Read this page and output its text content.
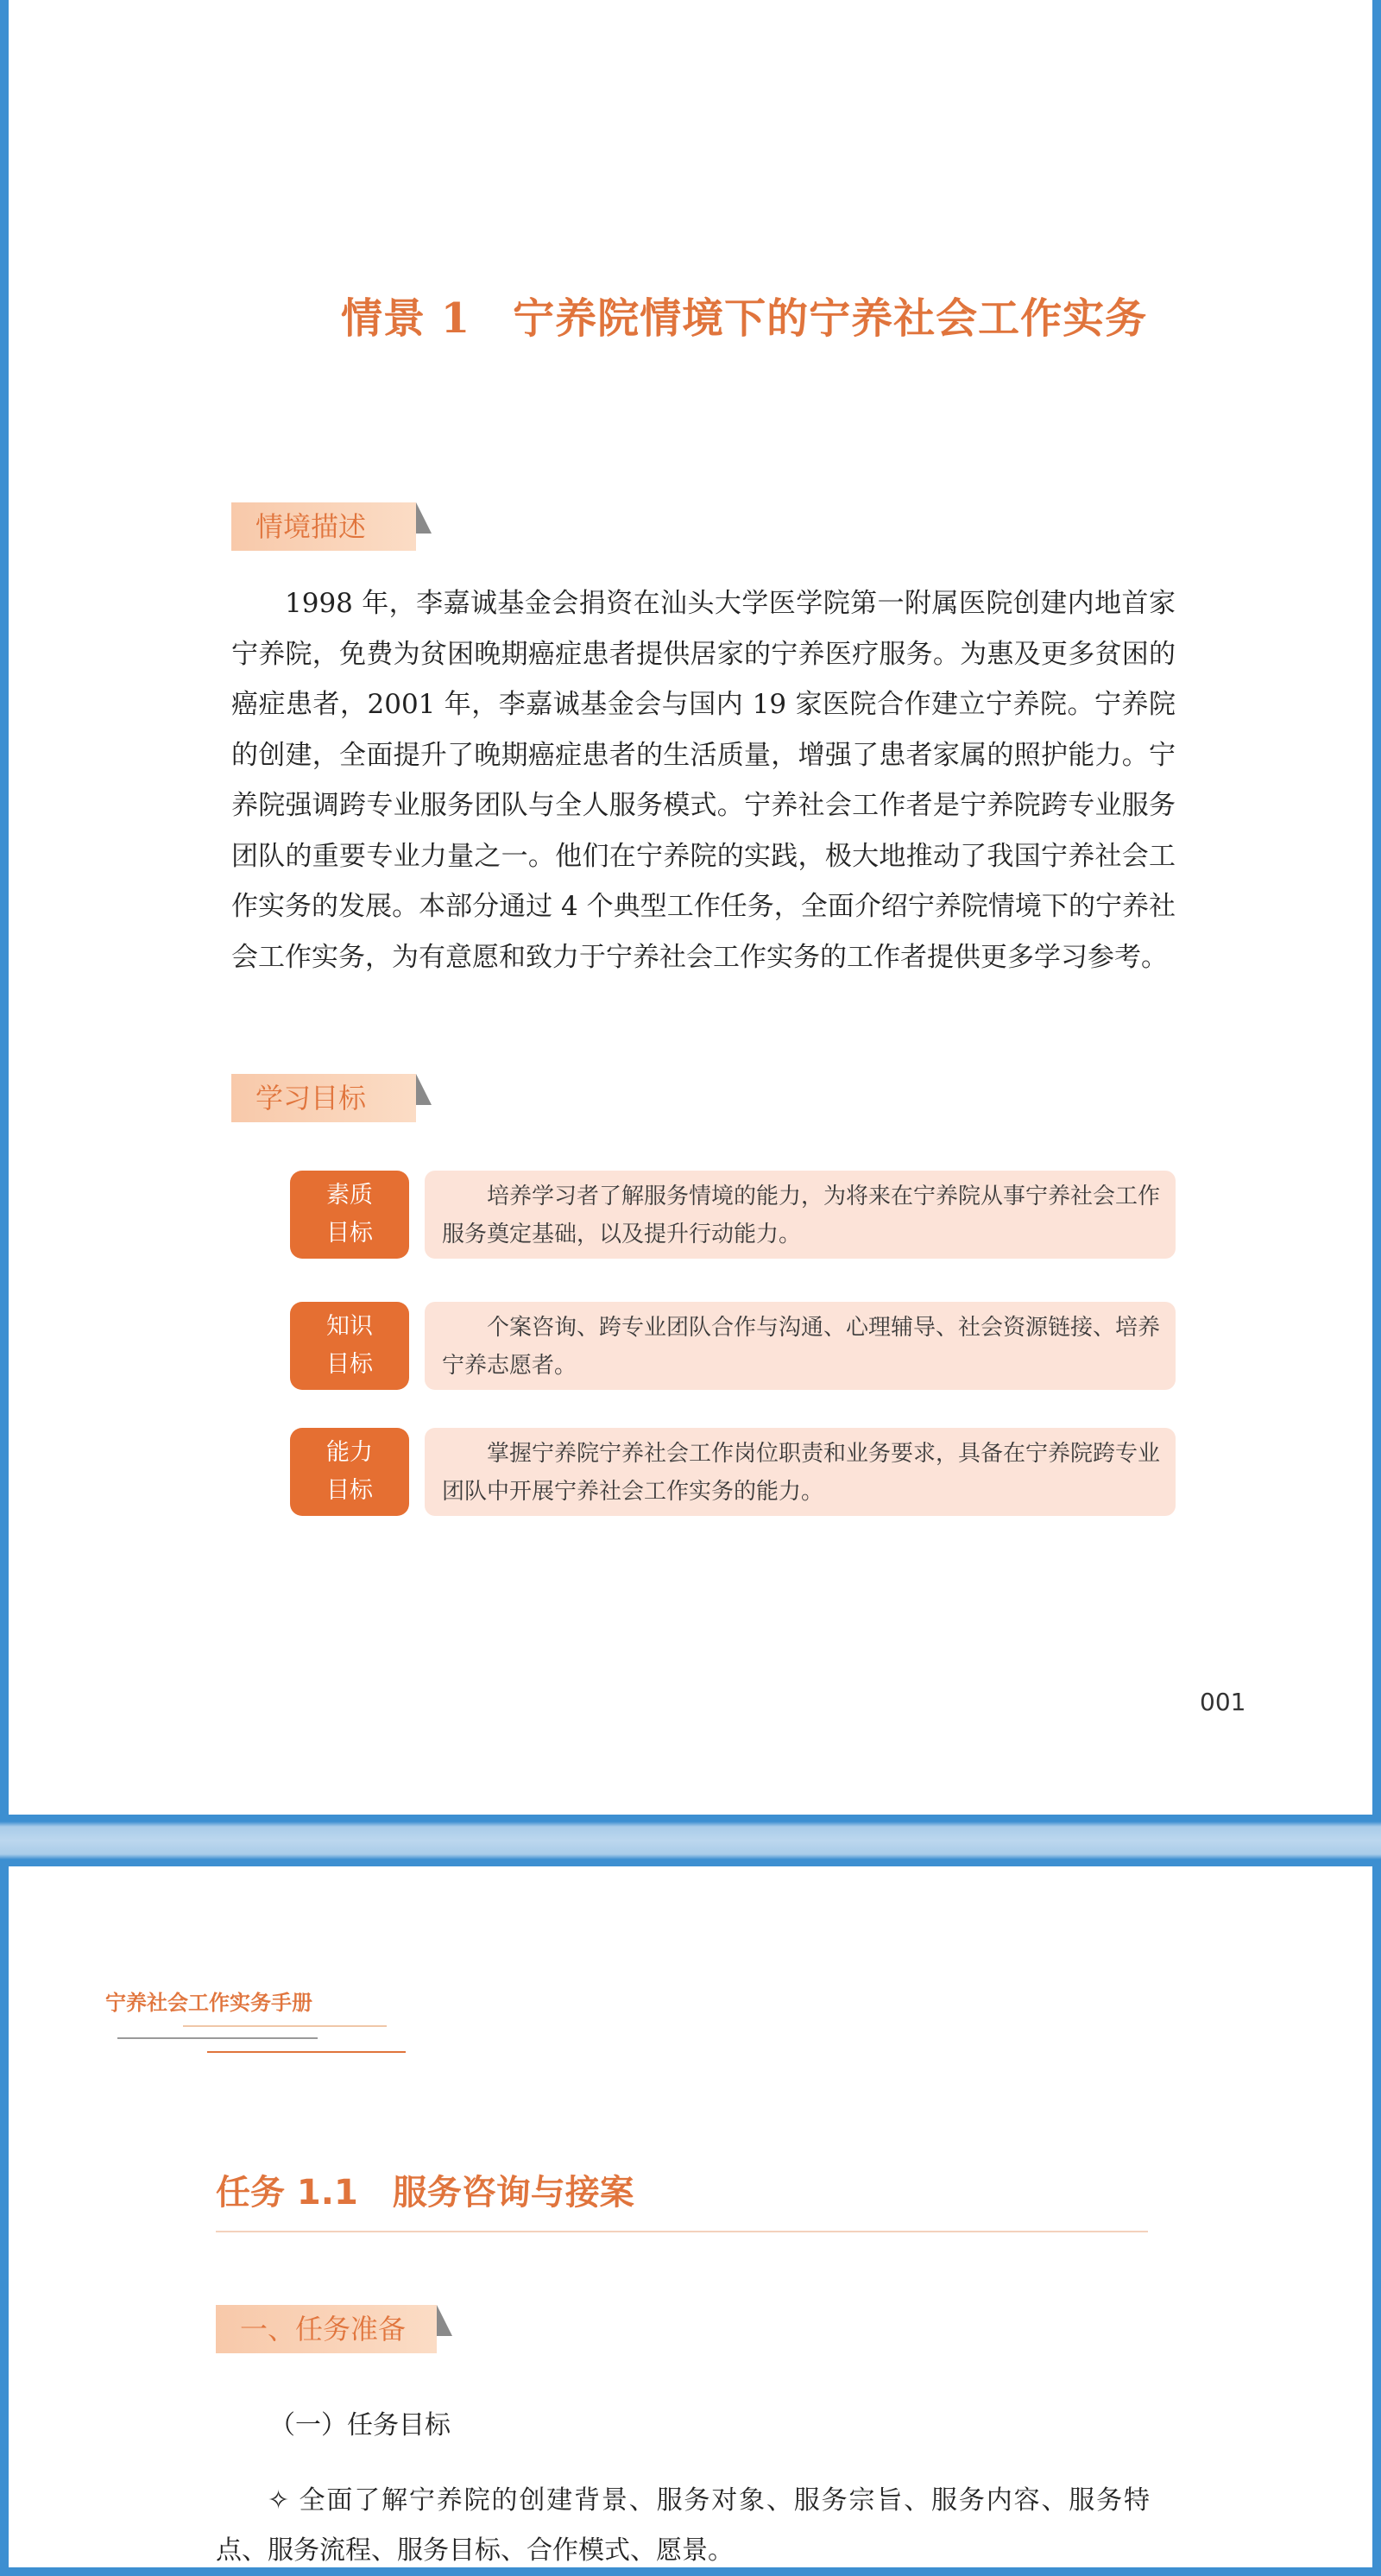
情景 1　宁养院情境下的宁养社会工作实务
情境描述

1998 年，李嘉诚基金会捐资在汕头大学医学院第一附属医院创建内地首家宁养院，免费为贫困晚期癌症患者提供居家的宁养医疗服务。为惠及更多贫困的癌症患者，2001 年，李嘉诚基金会与国内 19 家医院合作建立宁养院。宁养院的创建，全面提升了晚期癌症患者的生活质量，增强了患者家属的照护能力。宁养院强调跨专业服务团队与全人服务模式。宁养社会工作者是宁养院跨专业服务团队的重要专业力量之一。他们在宁养院的实践，极大地推动了我国宁养社会工作实务的发展。本部分通过 4 个典型工作任务，全面介绍宁养院情境下的宁养社会工作实务，为有意愿和致力于宁养社会工作实务的工作者提供更多学习参考。

学习目标
素质
目标
培养学习者了解服务情境的能力，为将来在宁养院从事宁养社会工作服务奠定基础，以及提升行动能力。
知识
目标
个案咨询、跨专业团队合作与沟通、心理辅导、社会资源链接、培养宁养志愿者。
能力
目标
掌握宁养院宁养社会工作岗位职责和业务要求，具备在宁养院跨专业团队中开展宁养社会工作实务的能力。
001
宁养社会工作实务手册
任务 1.1　服务咨询与接案
一、任务准备
（一）任务目标

✧ 全面了解宁养院的创建背景、服务对象、服务宗旨、服务内容、服务特点、服务流程、服务目标、合作模式、愿景。
